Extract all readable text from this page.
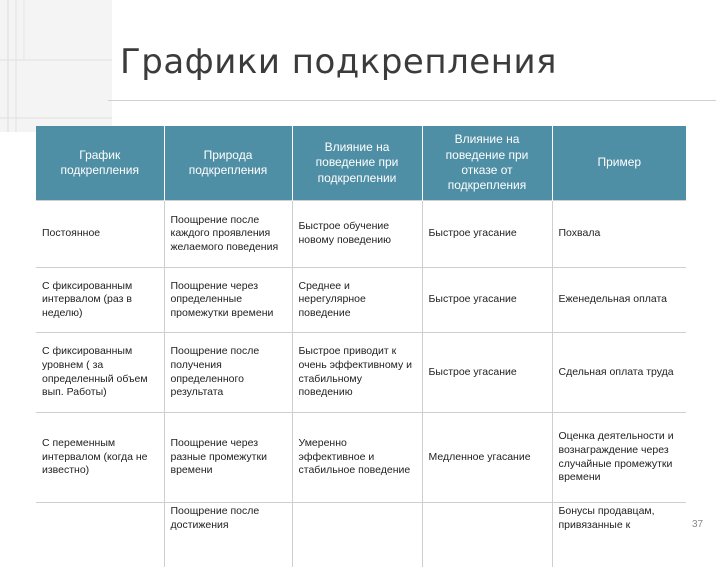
Графики подкрепления
График подкрепления	Природа подкрепления	Влияние на поведение при подкреплении	Влияние на поведение при отказе от подкрепления	Пример
Постоянное	Поощрение после каждого проявления желаемого поведения	Быстрое обучение новому поведению	Быстрое угасание	Похвала
С фиксированным интервалом (раз в неделю)	Поощрение через определенные промежутки времени	Среднее и нерегулярное поведение	Быстрое угасание	Еженедельная оплата
С фиксированным уровнем ( за определенный объем вып. Работы)	Поощрение после получения определенного результата	Быстрое приводит к очень эффективному и стабильному поведению	Быстрое угасание	Сдельная оплата труда
С переменным интервалом (когда не известно)	Поощрение через разные промежутки времени	Умеренно эффективное и стабильное поведение	Медленное угасание	Оценка деятельности и вознаграждение через случайные промежутки времени
	Поощрение после достижения			Бонусы продавцам, привязанные к	37
